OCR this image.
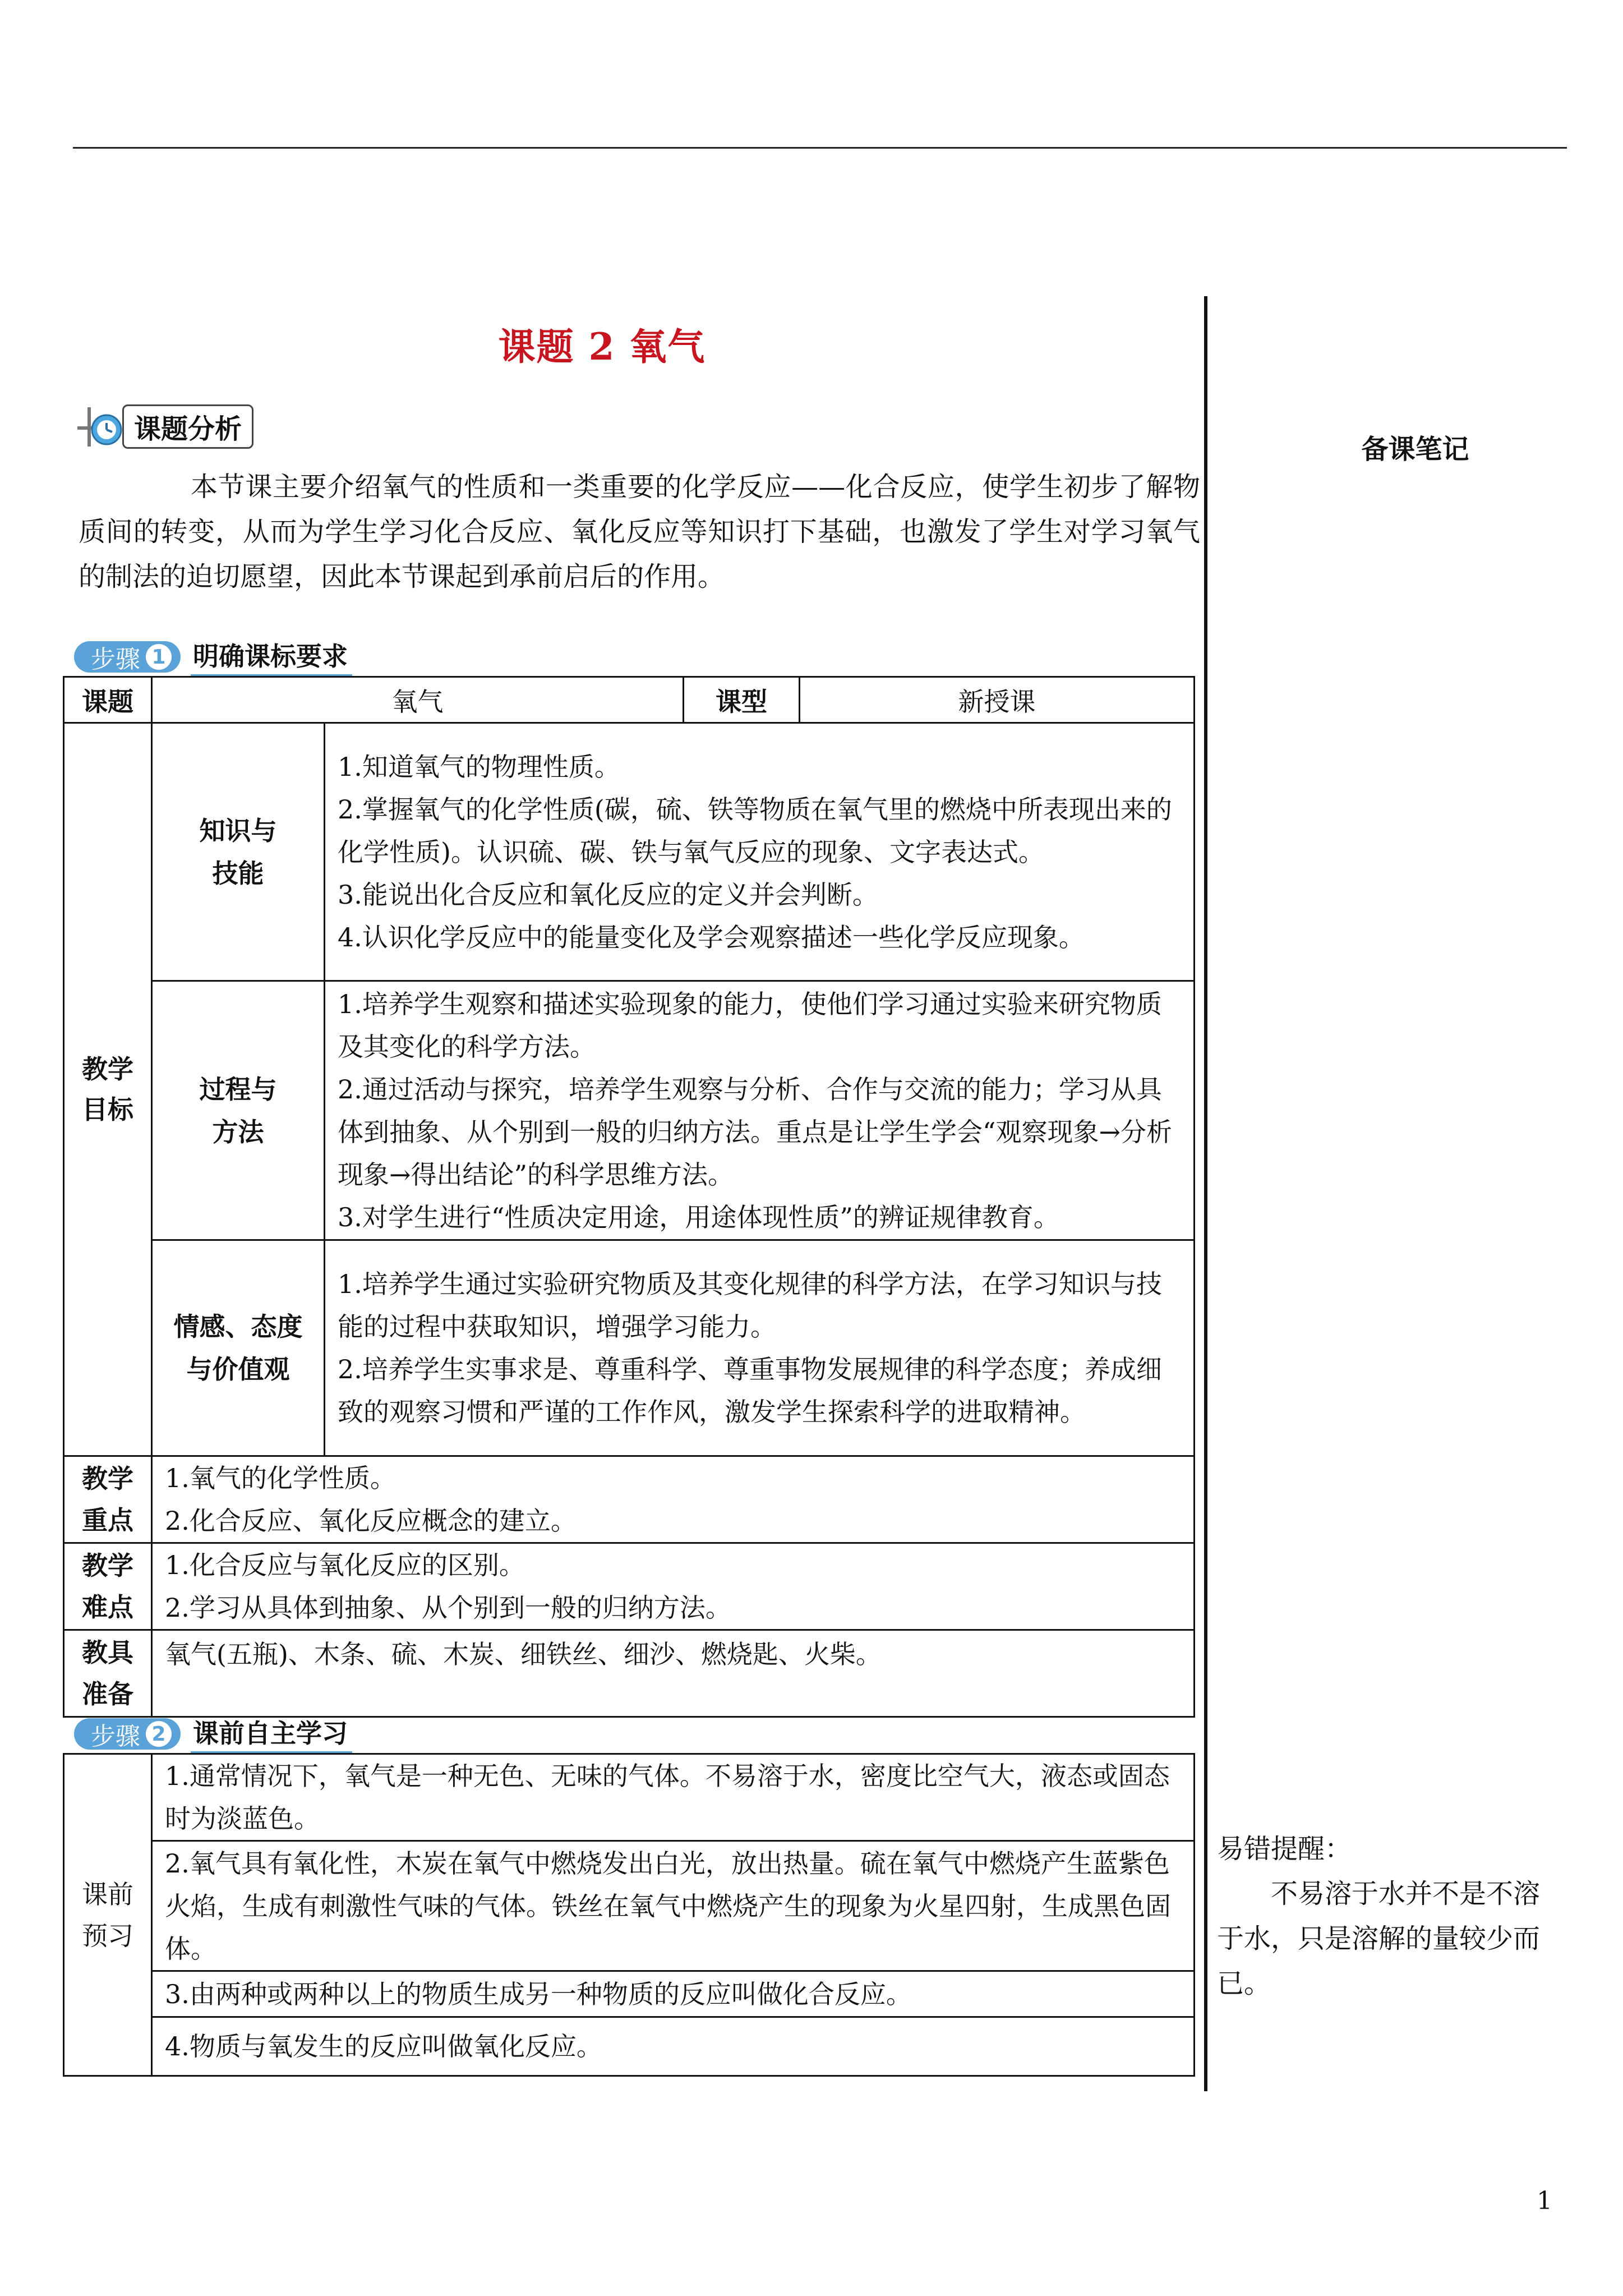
课题 2 氧气
备课笔记
课题分析
本节课主要介绍氧气的性质和一类重要的化学反应——化合反应，使学生初步了解物质间的转变，从而为学生学习化合反应、氧化反应等知识打下基础，也激发了学生对学习氧气的制法的迫切愿望，因此本节课起到承前启后的作用。
步骤 1 明确课标要求
课题	氧气		课型	新授课

教学目标	知识与技能	1.知道氧气的物理性质。
2.掌握氧气的化学性质(碳，硫、铁等物质在氧气里的燃烧中所表现出来的化学性质)。认识硫、碳、铁与氧气反应的现象、文字表达式。
3.能说出化合反应和氧化反应的定义并会判断。
4.认识化学反应中的能量变化及学会观察描述一些化学反应现象。		

	过程与方法	1.培养学生观察和描述实验现象的能力，使他们学习通过实验来研究物质及其变化的科学方法。
2.通过活动与探究，培养学生观察与分析、合作与交流的能力；学习从具体到抽象、从个别到一般的归纳方法。重点是让学生学会“观察现象→分析现象→得出结论”的科学思维方法。
3.对学生进行“性质决定用途，用途体现性质”的辨证规律教育。		

	情感、态度与价值观	1.培养学生通过实验研究物质及其变化规律的科学方法，在学习知识与技能的过程中获取知识，增强学习能力。
2.培养学生实事求是、尊重科学、尊重事物发展规律的科学态度；养成细致的观察习惯和严谨的工作作风，激发学生探索科学的进取精神。		

教学重点	1.氧气的化学性质。
2.化合反应、氧化反应概念的建立。			

教学难点	1.化合反应与氧化反应的区别。
2.学习从具体到抽象、从个别到一般的归纳方法。			

教具准备	氧气(五瓶)、木条、硫、木炭、细铁丝、细沙、燃烧匙、火柴。			
步骤 2 课前自主学习
课前预习

1.通常情况下，氧气是一种无色、无味的气体。不易溶于水，密度比空气大，液态或固态时为淡蓝色。

2.氧气具有氧化性，木炭在氧气中燃烧发出白光，放出热量。硫在氧气中燃烧产生蓝紫色火焰，生成有刺激性气味的气体。铁丝在氧气中燃烧产生的现象为火星四射，生成黑色固体。

3.由两种或两种以上的物质生成另一种物质的反应叫做化合反应。

4.物质与氧发生的反应叫做氧化反应。
易错提醒：
不易溶于水并不是不溶于水，只是溶解的量较少而已。
1
